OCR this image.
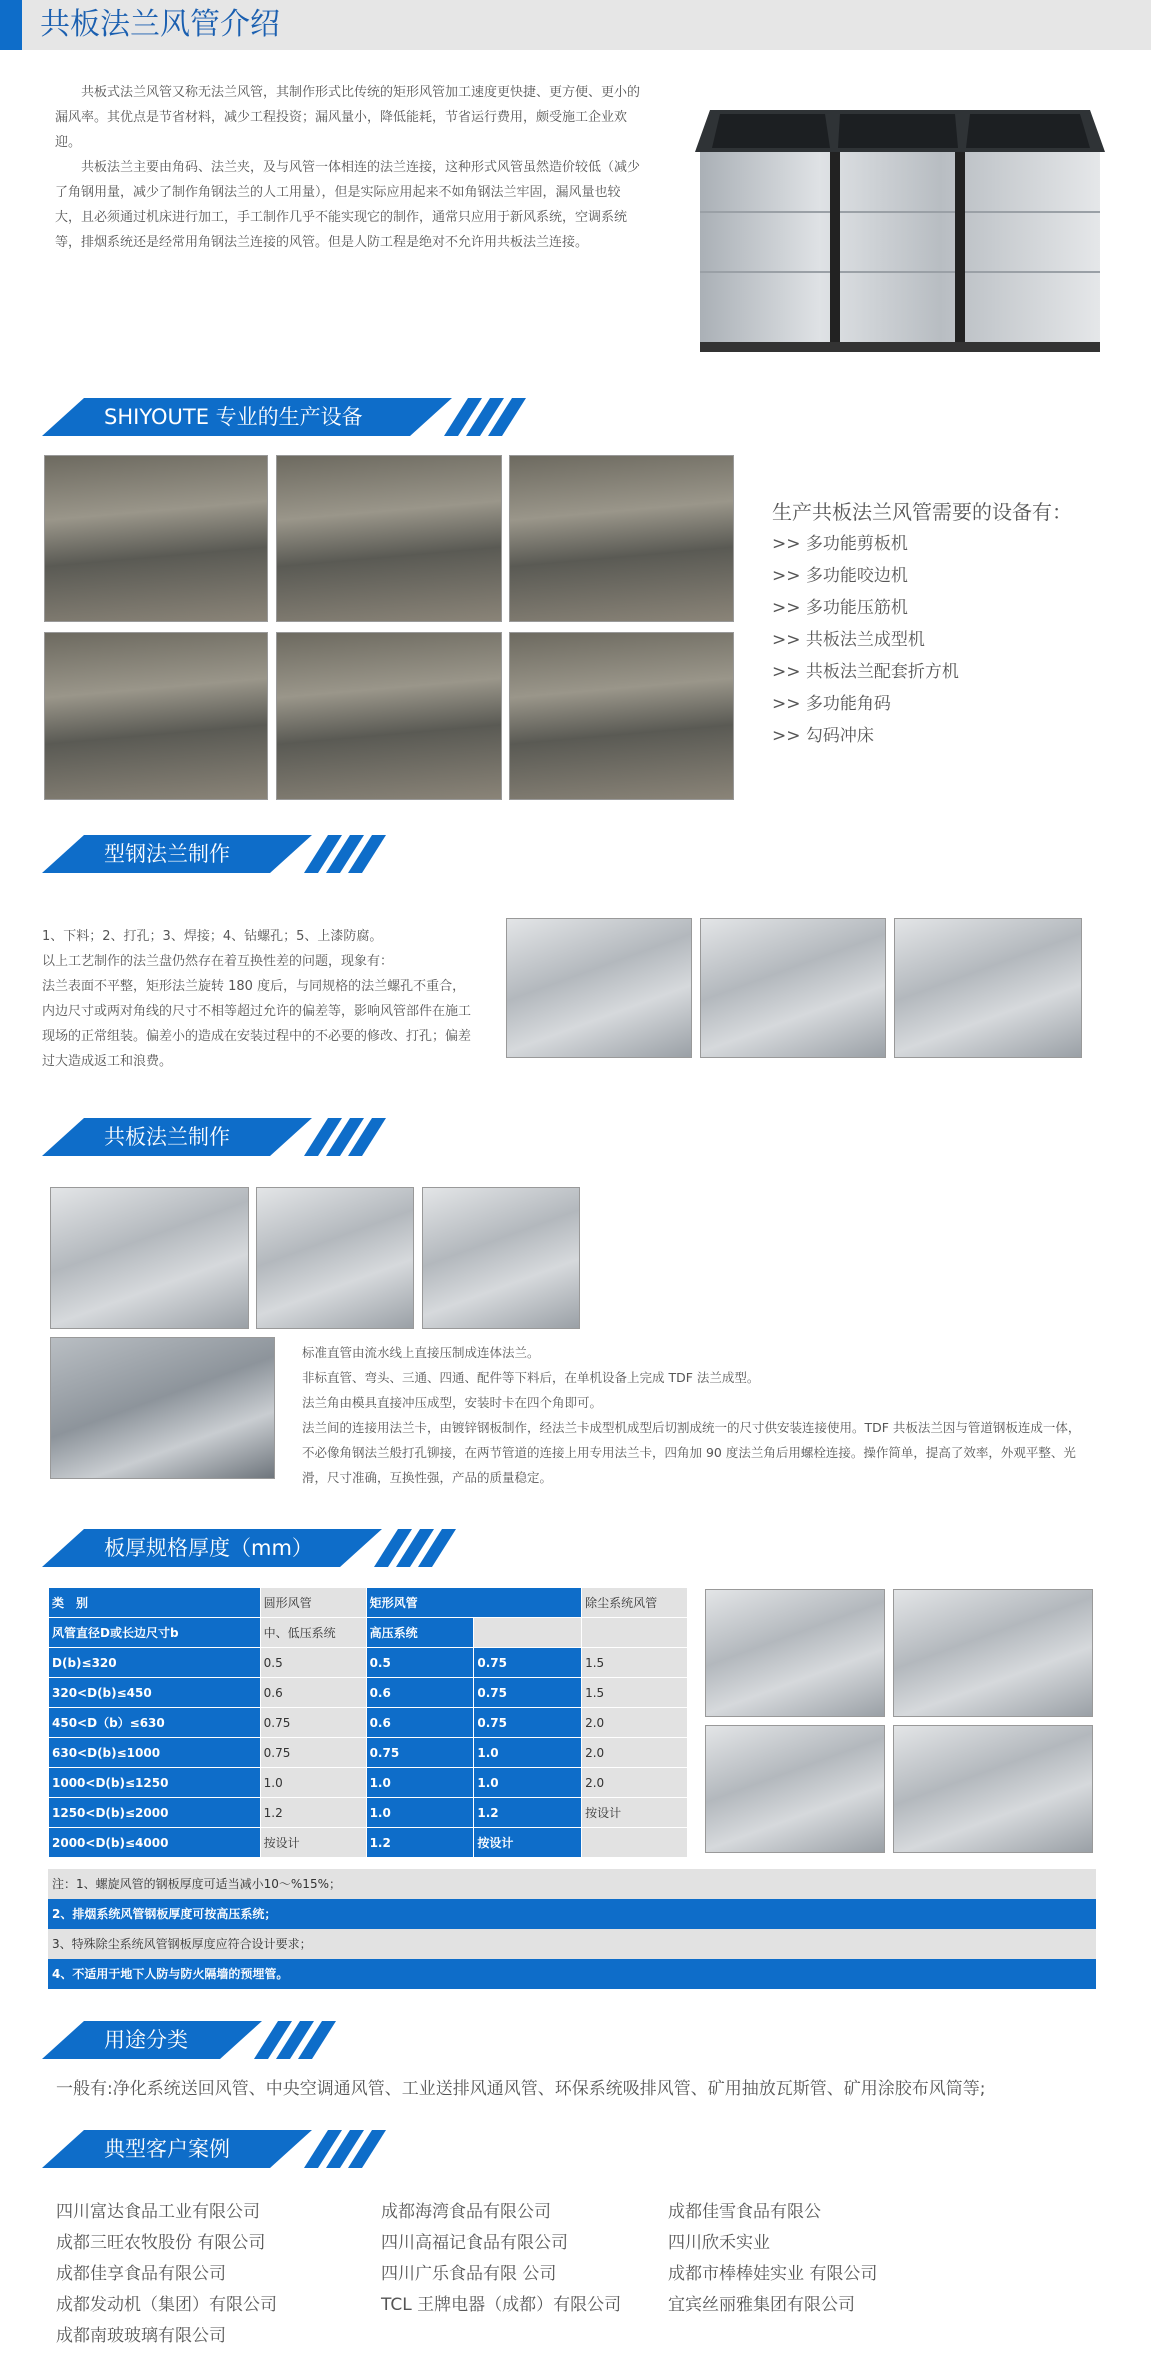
共板法兰风管介绍
共板式法兰风管又称无法兰风管，其制作形式比传统的矩形风管加工速度更快捷、更方便、更小的 漏风率。其优点是节省材料，减少工程投资；漏风量小，降低能耗，节省运行费用，颇受施工企业欢迎。
共板法兰主要由角码、法兰夹，及与风管一体相连的法兰连接，这种形式风管虽然造价较低（减少了角钢用量，减少了制作角钢法兰的人工用量），但是实际应用起来不如角钢法兰牢固，漏风量也较大，且必须通过机床进行加工，手工制作几乎不能实现它的制作，通常只应用于新风系统，空调系统等，排烟系统还是经常用角钢法兰连接的风管。但是人防工程是绝对不允许用共板法兰连接。
SHIYOUTE 专业的生产设备
生产共板法兰风管需要的设备有：
>> 多功能剪板机
>> 多功能咬边机
>> 多功能压筋机
>> 共板法兰成型机
>> 共板法兰配套折方机
>> 多功能角码
>> 勾码冲床
型钢法兰制作
1、下料；2、打孔；3、焊接；4、钻螺孔；5、上漆防腐。
以上工艺制作的法兰盘仍然存在着互换性差的问题，现象有：
法兰表面不平整，矩形法兰旋转 180 度后，与同规格的法兰螺孔不重合，内边尺寸或两对角线的尺寸不相等超过允许的偏差等，影响风管部件在施工现场的正常组装。偏差小的造成在安装过程中的不必要的修改、打孔；偏差过大造成返工和浪费。
共板法兰制作
标准直管由流水线上直接压制成连体法兰。
非标直管、弯头、三通、四通、配件等下料后，在单机设备上完成 TDF 法兰成型。
法兰角由模具直接冲压成型，安装时卡在四个角即可。
法兰间的连接用法兰卡，由镀锌钢板制作，经法兰卡成型机成型后切割成统一的尺寸供安装连接使用。TDF 共板法兰因与管道钢板连成一体，不必像角钢法兰般打孔铆接，在两节管道的连接上用专用法兰卡，四角加 90 度法兰角后用螺栓连接。操作简单，提高了效率，外观平整、光滑，尺寸准确，互换性强，产品的质量稳定。
板厚规格厚度（mm）
类　别	圆形风管	矩形风管		除尘系统风管
风管直径D或长边尺寸b	中、低压系统	高压系统		
D(b)≤320	0.5	0.5	0.75	1.5
320<D(b)≤450	0.6	0.6	0.75	1.5
450<D（b）≤630	0.75	0.6	0.75	2.0
630<D(b)≤1000	0.75	0.75	1.0	2.0
1000<D(b)≤1250	1.0	1.0	1.0	2.0
1250<D(b)≤2000	1.2	1.0	1.2	按设计
2000<D(b)≤4000	按设计	1.2	按设计	
注：1、螺旋风管的钢板厚度可适当减小10～%15%；
2、排烟系统风管钢板厚度可按高压系统；
3、特殊除尘系统风管钢板厚度应符合设计要求；
4、不适用于地下人防与防火隔墙的预埋管。
用途分类
一般有:净化系统送回风管、中央空调通风管、工业送排风通风管、环保系统吸排风管、矿用抽放瓦斯管、矿用涂胶布风筒等;
典型客户案例
四川富达食品工业有限公司
成都三旺农牧股份 有限公司
成都佳享食品有限公司
成都发动机（集团）有限公司
成都南玻玻璃有限公司
成都海湾食品有限公司
四川高福记食品有限公司
四川广乐食品有限 公司
TCL 王牌电器（成都）有限公司
成都佳雪食品有限公
四川欣禾实业
成都市棒棒娃实业 有限公司
宜宾丝丽雅集团有限公司
